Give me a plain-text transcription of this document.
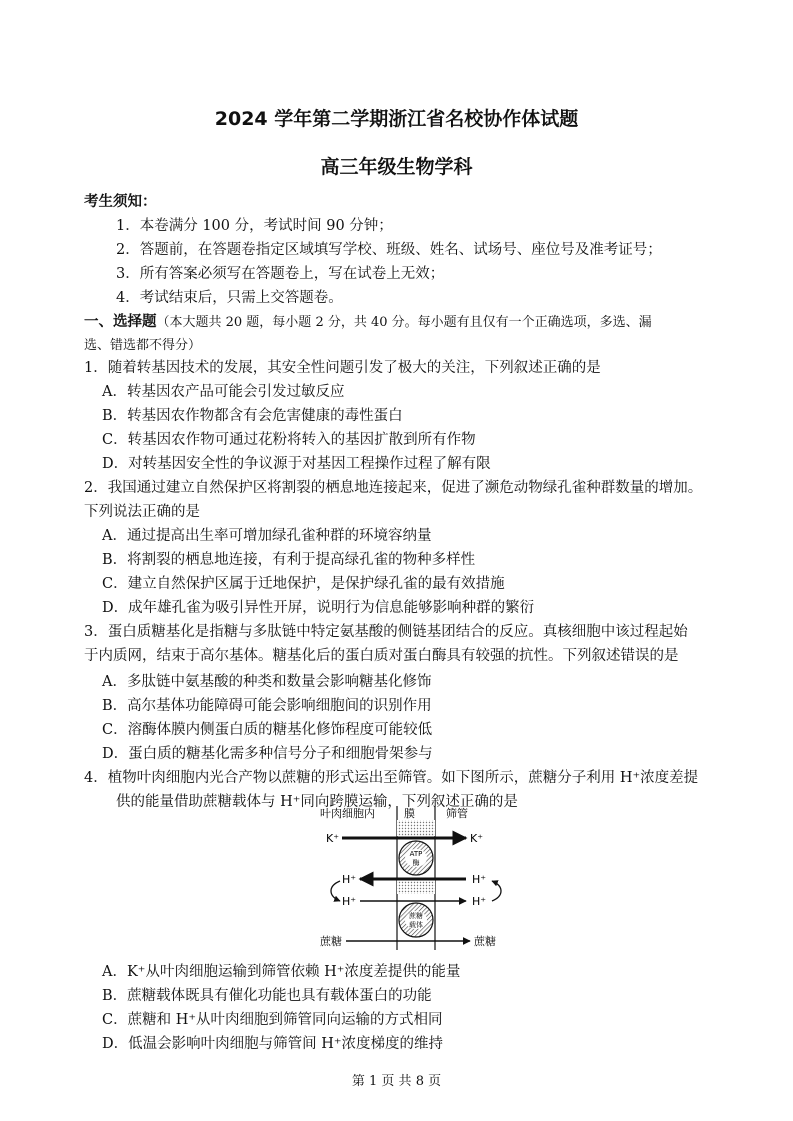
2024 学年第二学期浙江省名校协作体试题
高三年级生物学科
考生须知：
1．本卷满分 100 分，考试时间 90 分钟；
2．答题前，在答题卷指定区域填写学校、班级、姓名、试场号、座位号及准考证号；
3．所有答案必须写在答题卷上，写在试卷上无效；
4．考试结束后，只需上交答题卷。
一、选择题（本大题共 20 题，每小题 2 分，共 40 分。每小题有且仅有一个正确选项，多选、漏
选、错选都不得分）
1．随着转基因技术的发展，其安全性问题引发了极大的关注，下列叙述正确的是
A．转基因农产品可能会引发过敏反应
B．转基因农作物都含有会危害健康的毒性蛋白
C．转基因农作物可通过花粉将转入的基因扩散到所有作物
D．对转基因安全性的争议源于对基因工程操作过程了解有限
2．我国通过建立自然保护区将割裂的栖息地连接起来，促进了濒危动物绿孔雀种群数量的增加。
下列说法正确的是
A．通过提高出生率可增加绿孔雀种群的环境容纳量
B．将割裂的栖息地连接，有利于提高绿孔雀的物种多样性
C．建立自然保护区属于迁地保护，是保护绿孔雀的最有效措施
D．成年雄孔雀为吸引异性开屏，说明行为信息能够影响种群的繁衍
3．蛋白质糖基化是指糖与多肽链中特定氨基酸的侧链基团结合的反应。真核细胞中该过程起始
于内质网，结束于高尔基体。糖基化后的蛋白质对蛋白酶具有较强的抗性。下列叙述错误的是
A．多肽链中氨基酸的种类和数量会影响糖基化修饰
B．高尔基体功能障碍可能会影响细胞间的识别作用
C．溶酶体膜内侧蛋白质的糖基化修饰程度可能较低
D．蛋白质的糖基化需多种信号分子和细胞骨架参与
4．植物叶肉细胞内光合产物以蔗糖的形式运出至筛管。如下图所示，蔗糖分子利用 H⁺浓度差提
供的能量借助蔗糖载体与 H⁺同向跨膜运输，下列叙述正确的是
叶肉细胞内	膜	筛管
K⁺	K⁺
ATP
酶
H⁺	H⁺
H⁺	H⁺
蔗糖
载体
蔗糖	蔗糖
A．K⁺从叶肉细胞运输到筛管依赖 H⁺浓度差提供的能量
B．蔗糖载体既具有催化功能也具有载体蛋白的功能
C．蔗糖和 H⁺从叶肉细胞到筛管同向运输的方式相同
D．低温会影响叶肉细胞与筛管间 H⁺浓度梯度的维持
第 1 页 共 8 页
